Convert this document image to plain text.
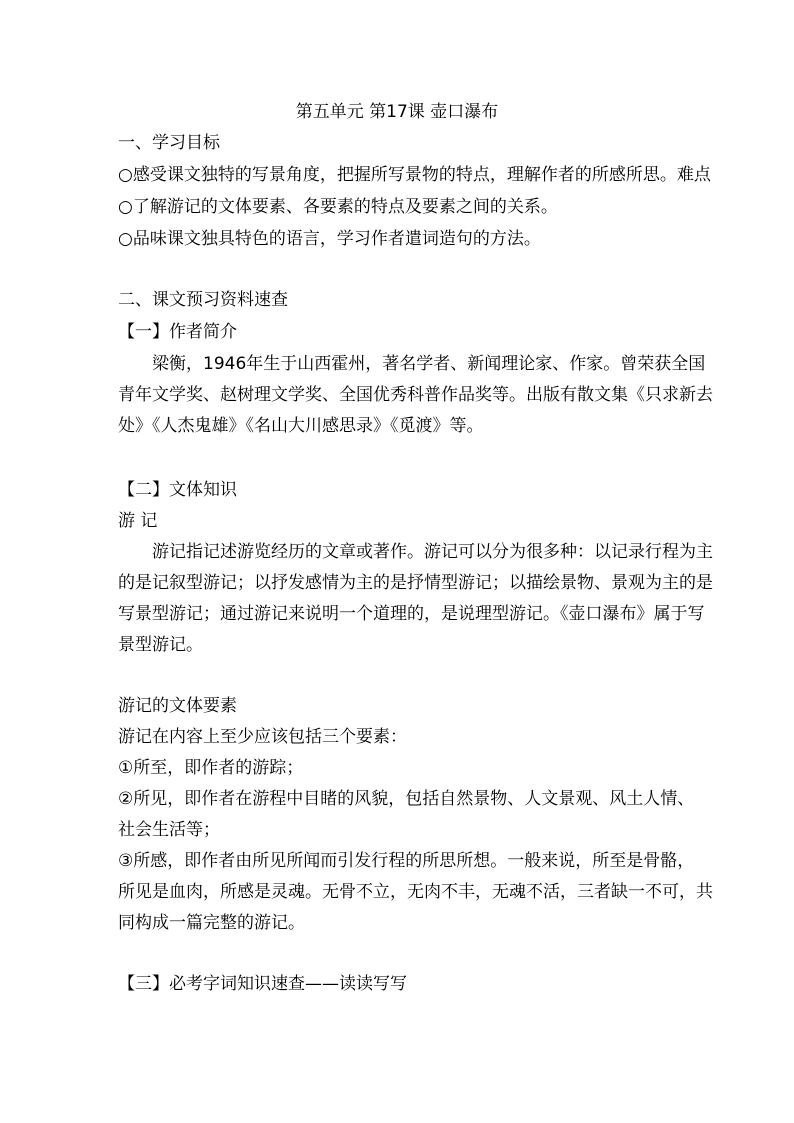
第五单元 第17课 壶口瀑布
一、学习目标
○感受课文独特的写景角度，把握所写景物的特点，理解作者的所感所思。难点
○了解游记的文体要素、各要素的特点及要素之间的关系。
○品味课文独具特色的语言，学习作者遣词造句的方法。
二、课文预习资料速查
【一】作者简介
梁衡，1946年生于山西霍州，著名学者、新闻理论家、作家。曾荣获全国
青年文学奖、赵树理文学奖、全国优秀科普作品奖等。出版有散文集《只求新去
处》《人杰鬼雄》《名山大川感思录》《觅渡》等。
【二】文体知识
游 记
游记指记述游览经历的文章或著作。游记可以分为很多种：以记录行程为主
的是记叙型游记；以抒发感情为主的是抒情型游记；以描绘景物、景观为主的是
写景型游记；通过游记来说明一个道理的，是说理型游记。《壶口瀑布》属于写
景型游记。
游记的文体要素
游记在内容上至少应该包括三个要素：
①所至，即作者的游踪；
②所见，即作者在游程中目睹的风貌，包括自然景物、人文景观、风土人情、
社会生活等；
③所感，即作者由所见所闻而引发行程的所思所想。一般来说，所至是骨骼，
所见是血肉，所感是灵魂。无骨不立，无肉不丰，无魂不活，三者缺一不可，共
同构成一篇完整的游记。
【三】必考字词知识速查——读读写写
